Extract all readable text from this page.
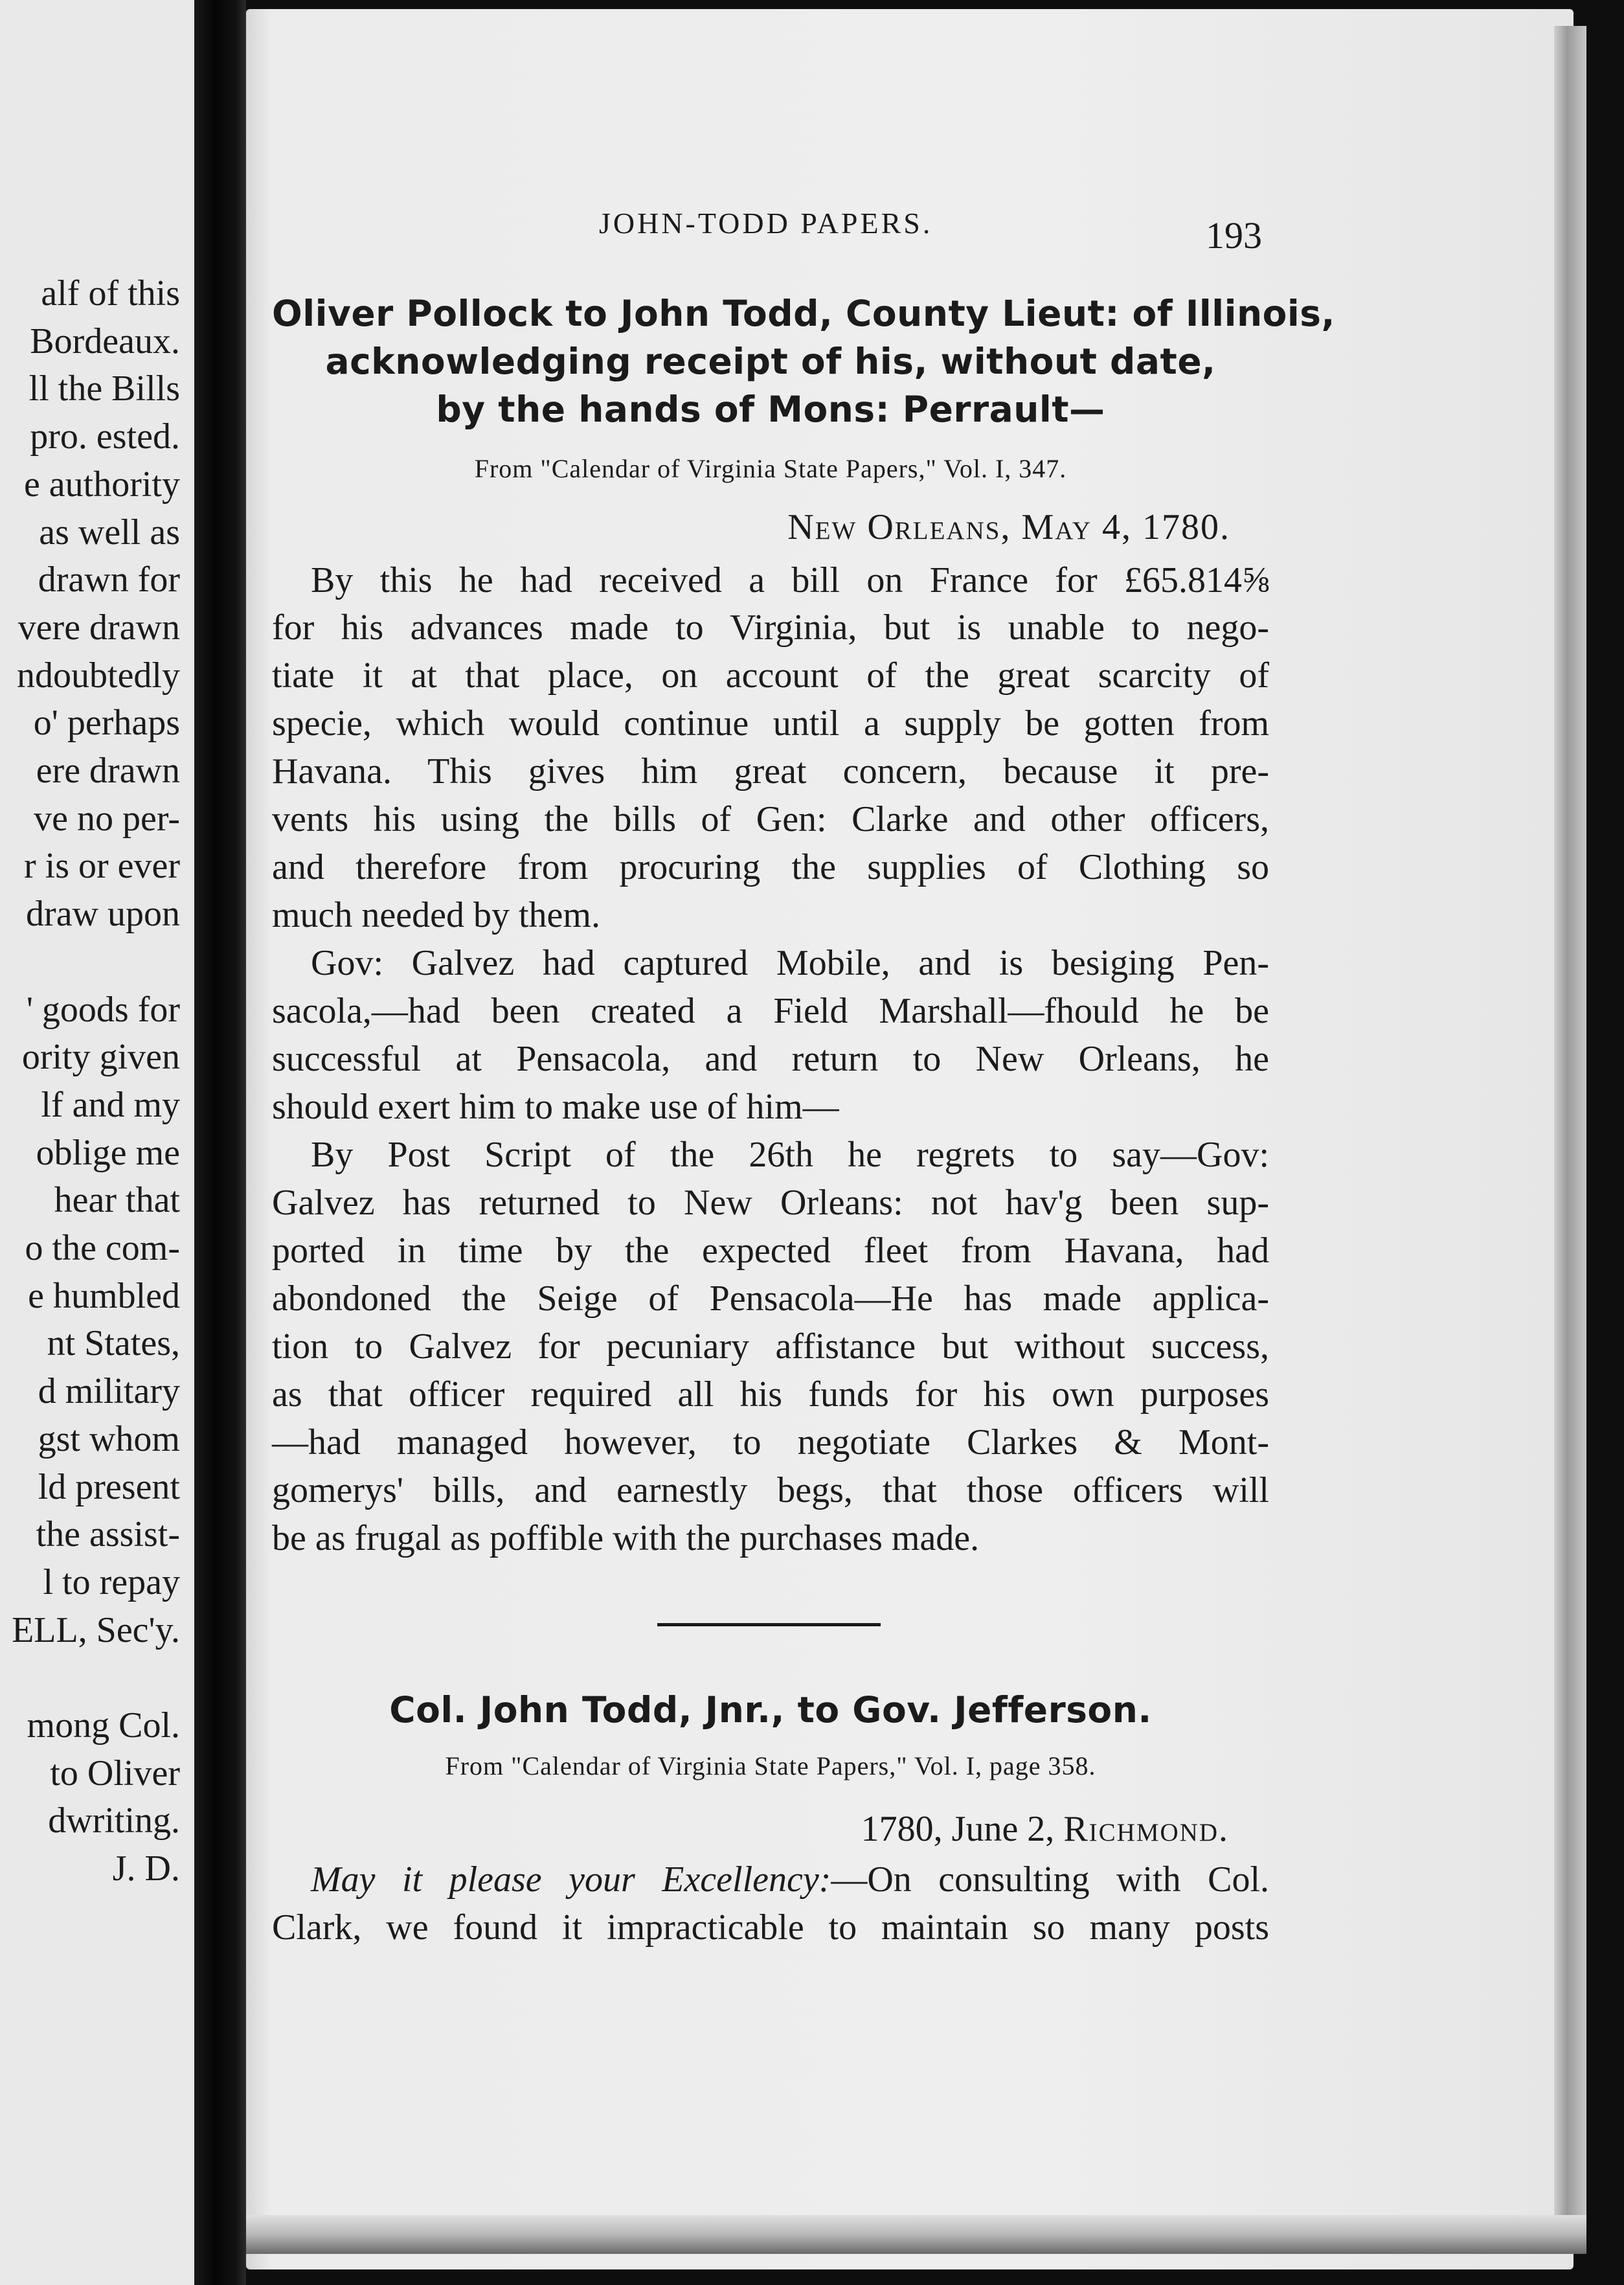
alf of this
Bordeaux.
ll the Bills
pro. ested.
e authority
as well as
drawn for
vere drawn
ndoubtedly
o' perhaps
ere drawn
ve no per-
r is or ever
draw upon
' goods for
ority given
lf and my
oblige me
hear that
o the com-
e humbled
nt States,
d military
gst whom
ld present
the assist-
l to repay
ELL, Sec'y.
mong Col.
to Oliver
dwriting.
J. D.
JOHN-TODD PAPERS.	193
Oliver Pollock to John Todd, County Lieut: of Illinois,
acknowledging receipt of his, without date,
by the hands of Mons: Perrault—
From "Calendar of Virginia State Papers," Vol. I, 347.
New Orleans, May 4, 1780.
By this he had received a bill on France for £65.814⅝
for his advances made to Virginia, but is unable to nego-
tiate it at that place, on account of the great scarcity of
specie, which would continue until a supply be gotten from
Havana. This gives him great concern, because it pre-
vents his using the bills of Gen: Clarke and other officers,
and therefore from procuring the supplies of Clothing so
much needed by them.
Gov: Galvez had captured Mobile, and is besiging Pen-
sacola,—had been created a Field Marshall—fhould he be
successful at Pensacola, and return to New Orleans, he
should exert him to make use of him—
By Post Script of the 26th he regrets to say—Gov:
Galvez has returned to New Orleans: not hav'g been sup-
ported in time by the expected fleet from Havana, had
abondoned the Seige of Pensacola—He has made applica-
tion to Galvez for pecuniary affistance but without success,
as that officer required all his funds for his own purposes
—had managed however, to negotiate Clarkes & Mont-
gomerys' bills, and earnestly begs, that those officers will
be as frugal as poffible with the purchases made.
Col. John Todd, Jnr., to Gov. Jefferson.
From "Calendar of Virginia State Papers," Vol. I, page 358.
1780, June 2, Richmond.
May it please your Excellency:—On consulting with Col.
Clark, we found it impracticable to maintain so many posts
